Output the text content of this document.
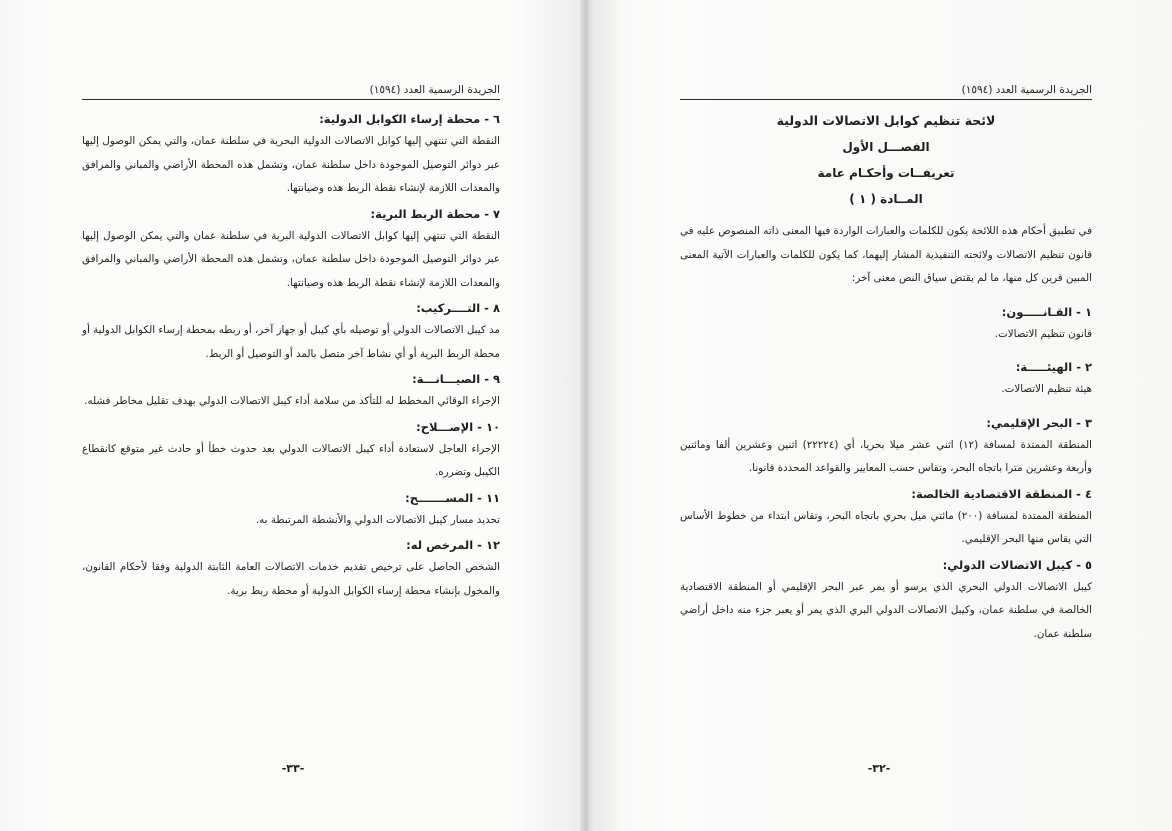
الجريدة الرسمية العدد (١٥٩٤)
٦ - محطة إرساء الكوابل الدولية:

النقطة التي تنتهي إليها كوابل الاتصالات الدولية البحرية في سلطنة عمان، والتي يمكن الوصول إليها عبر دوائر التوصيل الموجودة داخل سلطنة عمان، وتشمل هذه المحطة الأراضي والمباني والمرافق والمعدات اللازمة لإنشاء نقطة الربط هذه وصيانتها.

٧ - محطة الربط البرية:

النقطة التي تنتهي إليها كوابل الاتصالات الدولية البرية في سلطنة عمان والتي يمكن الوصول إليها عبر دوائر التوصيل الموجودة داخل سلطنة عمان، وتشمل هذه المحطة الأراضي والمباني والمرافق والمعدات اللازمة لإنشاء نقطة الربط هذه وصيانتها.

٨ - التــــركيب:

مد كيبل الاتصالات الدولي أو توصيله بأي كيبل أو جهاز آخر، أو ربطه بمحطة إرساء الكوابل الدولية أو محطة الربط البرية أو أي نشاط آخر متصل بالمد أو التوصيل أو الربط.

٩ - الصيـــانـــة:

الإجراء الوقائي المخطط له للتأكد من سلامة أداء كيبل الاتصالات الدولي بهدف تقليل مخاطر فشله.

١٠ - الإصـــلاح:

الإجراء العاجل لاستعادة أداء كيبل الاتصالات الدولي بعد حدوث خطأ أو حادث غير متوقع كانقطاع الكيبل وتضرره.

١١ - المســـــــح:

تحديد مسار كيبل الاتصالات الدولي والأنشطة المرتبطة به.

١٢ - المرخص له:

الشخص الحاصل على ترخيص تقديم خدمات الاتصالات العامة الثابتة الدولية وفقا لأحكام القانون، والمخول بإنشاء محطة إرساء الكوابل الدولية أو محطة ربط برية.

-٣٣-
الجريدة الرسمية العدد (١٥٩٤)
لائحة تنظيم كوابل الاتصالات الدولية
الفصـــل الأول
تعريفــات وأحكـام عامة
المــادة ( ١ )

في تطبيق أحكام هذه اللائحة يكون للكلمات والعبارات الواردة فيها المعنى ذاته المنصوص عليه في قانون تنظيم الاتصالات ولائحته التنفيذية المشار إليهما، كما يكون للكلمات والعبارات الآتية المعنى المبين قرين كل منها، ما لم يقتض سياق النص معنى آخر:

١ - القـانـــــون:

قانون تنظيم الاتصالات.

٢ - الهيئـــــة:

هيئة تنظيم الاتصالات.

٣ - البحر الإقليمي:

المنطقة الممتدة لمسافة (١٢) اثني عشر ميلا بحريا، أي (٢٢٢٢٤) اثنين وعشرين ألفا ومائتين وأربعة وعشرين مترا باتجاه البحر، وتقاس حسب المعايير والقواعد المحددة قانونا.

٤ - المنطقة الاقتصادية الخالصة:

المنطقة الممتدة لمسافة (٢٠٠) مائتي ميل بحري باتجاه البحر، وتقاس ابتداء من خطوط الأساس التي يقاس منها البحر الإقليمي.

٥ - كيبل الاتصالات الدولي:

كيبل الاتصالات الدولي البحري الذي يرسو أو يمر عبر البحر الإقليمي أو المنطقة الاقتصادية الخالصة في سلطنة عمان، وكيبل الاتصالات الدولي البري الذي يمر أو يعبر جزء منه داخل أراضي سلطنة عمان.

-٣٢-
